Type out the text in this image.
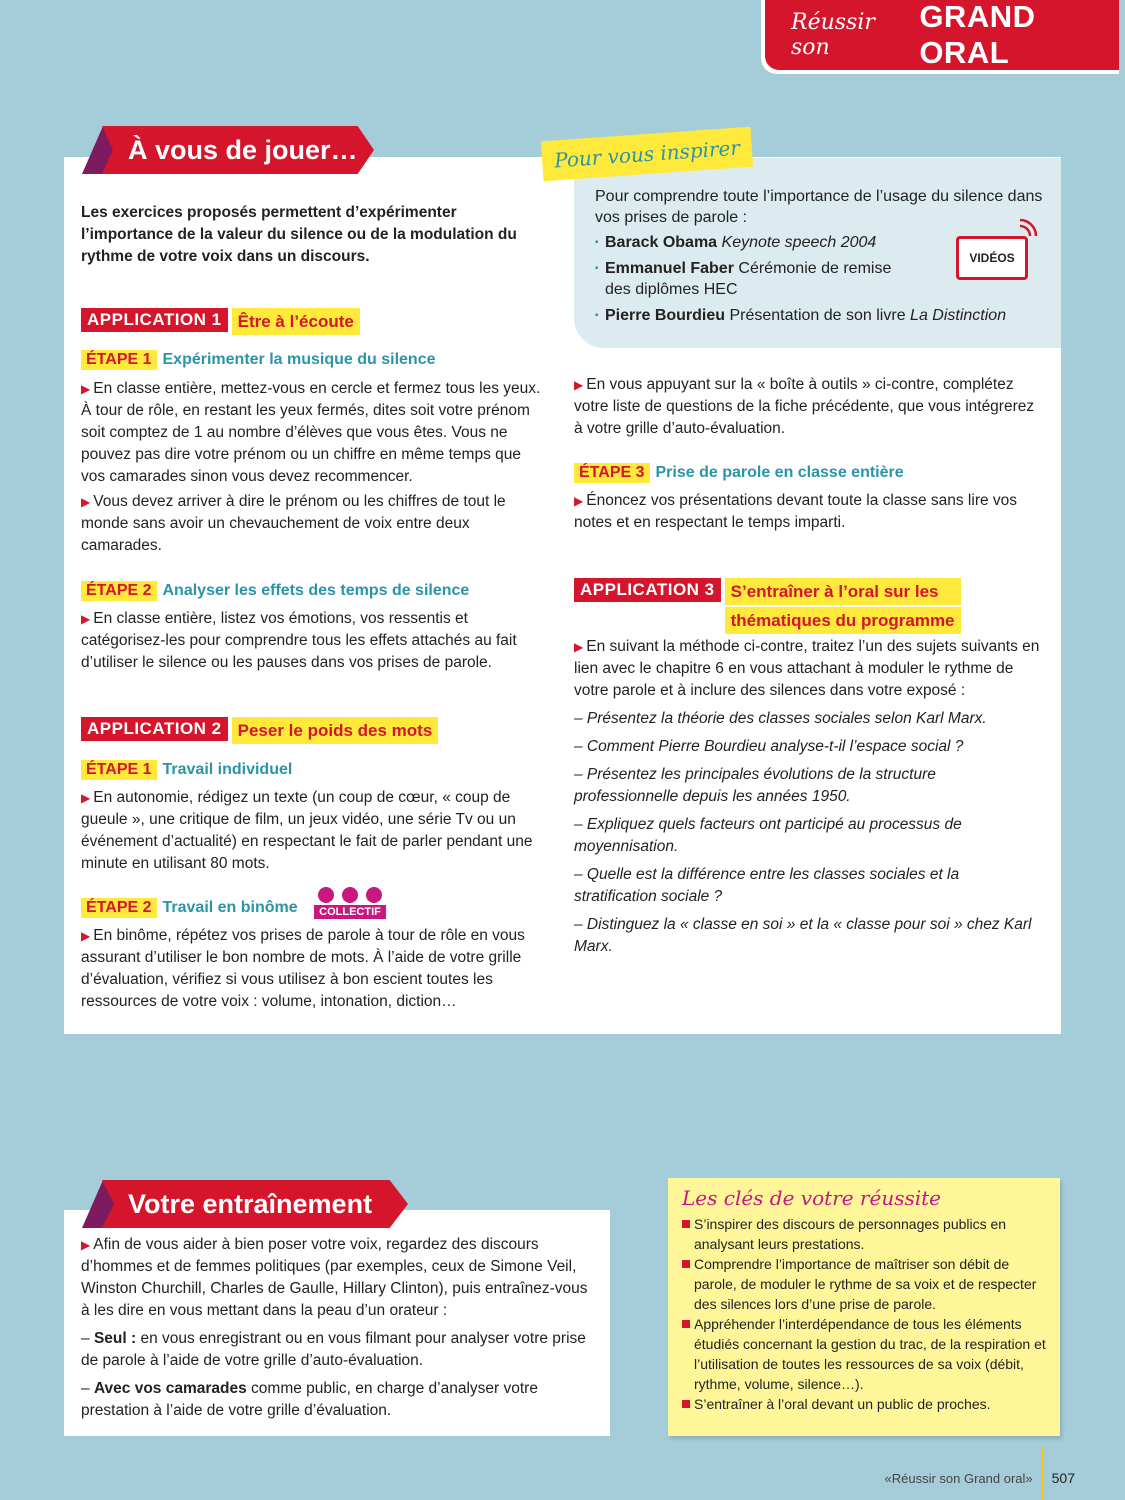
Réussir son
GRAND ORAL
À vous de jouer…
Les exercices proposés permettent d’expérimenter l’importance de la valeur du silence ou de la modulation du rythme de votre voix dans un discours.
APPLICATION 1 Être à l’écoute
ÉTAPE 1 Expérimenter la musique du silence

▶ En classe entière, mettez-vous en cercle et fermez tous les yeux. À tour de rôle, en restant les yeux fermés, dites soit votre prénom soit comptez de 1 au nombre d’élèves que vous êtes. Vous ne pouvez pas dire votre prénom ou un chiffre en même temps que vos camarades sinon vous devez recommencer.

▶ Vous devez arriver à dire le prénom ou les chiffres de tout le monde sans avoir un chevauchement de voix entre deux camarades.

ÉTAPE 2 Analyser les effets des temps de silence

▶ En classe entière, listez vos émotions, vos ressentis et catégorisez-les pour comprendre tous les effets attachés au fait d’utiliser le silence ou les pauses dans vos prises de parole.

APPLICATION 2 Peser le poids des mots
ÉTAPE 1 Travail individuel

▶ En autonomie, rédigez un texte (un coup de cœur, « coup de gueule », une critique de film, un jeux vidéo, une série Tv ou un événement d’actualité) en respectant le fait de parler pendant une minute en utilisant 80 mots.

ÉTAPE 2 Travail en binôme	COLLECTIF

▶ En binôme, répétez vos prises de parole à tour de rôle en vous assurant d’utiliser le bon nombre de mots. À l’aide de votre grille d’évaluation, vérifiez si vous utilisez à bon escient toutes les ressources de votre voix : volume, intonation, diction…

Pour vous inspirer
Pour comprendre toute l’importance de l’usage du silence dans vos prises de parole :
▪ Barack Obama Keynote speech 2004
▪ Emmanuel Faber Cérémonie de remise des diplômes HEC
▪ Pierre Bourdieu Présentation de son livre La Distinction
VIDÉOS

▶ En vous appuyant sur la « boîte à outils » ci-contre, complétez votre liste de questions de la fiche précédente, que vous intégrerez à votre grille d’auto-évaluation.

ÉTAPE 3 Prise de parole en classe entière

▶ Énoncez vos présentations devant toute la classe sans lire vos notes et en respectant le temps imparti.

APPLICATION 3 S’entraîner à l’oral sur les
thématiques du programme

▶ En suivant la méthode ci-contre, traitez l’un des sujets suivants en lien avec le chapitre 6 en vous attachant à moduler le rythme de votre parole et à inclure des silences dans votre exposé :

– Présentez la théorie des classes sociales selon Karl Marx.

– Comment Pierre Bourdieu analyse-t-il l’espace social ?

– Présentez les principales évolutions de la structure professionnelle depuis les années 1950.

– Expliquez quels facteurs ont participé au processus de moyennisation.

– Quelle est la différence entre les classes sociales et la stratification sociale ?

– Distinguez la « classe en soi » et la « classe pour soi » chez Karl Marx.

Votre entraînement

▶ Afin de vous aider à bien poser votre voix, regardez des discours d’hommes et de femmes politiques (par exemples, ceux de Simone Veil, Winston Churchill, Charles de Gaulle, Hillary Clinton), puis entraînez-vous à les dire en vous mettant dans la peau d’un orateur :

– Seul : en vous enregistrant ou en vous filmant pour analyser votre prise de parole à l’aide de votre grille d’auto-évaluation.

– Avec vos camarades comme public, en charge d’analyser votre prestation à l’aide de votre grille d’évaluation.

Les clés de votre réussite
S’inspirer des discours de personnages publics en analysant leurs prestations.
Comprendre l’importance de maîtriser son débit de parole, de moduler le rythme de sa voix et de respecter des silences lors d’une prise de parole.
Appréhender l’interdépendance de tous les éléments étudiés concernant la gestion du trac, de la respiration et l’utilisation de toutes les ressources de sa voix (débit, rythme, volume, silence…).
S’entraîner à l’oral devant un public de proches.
«Réussir son Grand oral» 507
